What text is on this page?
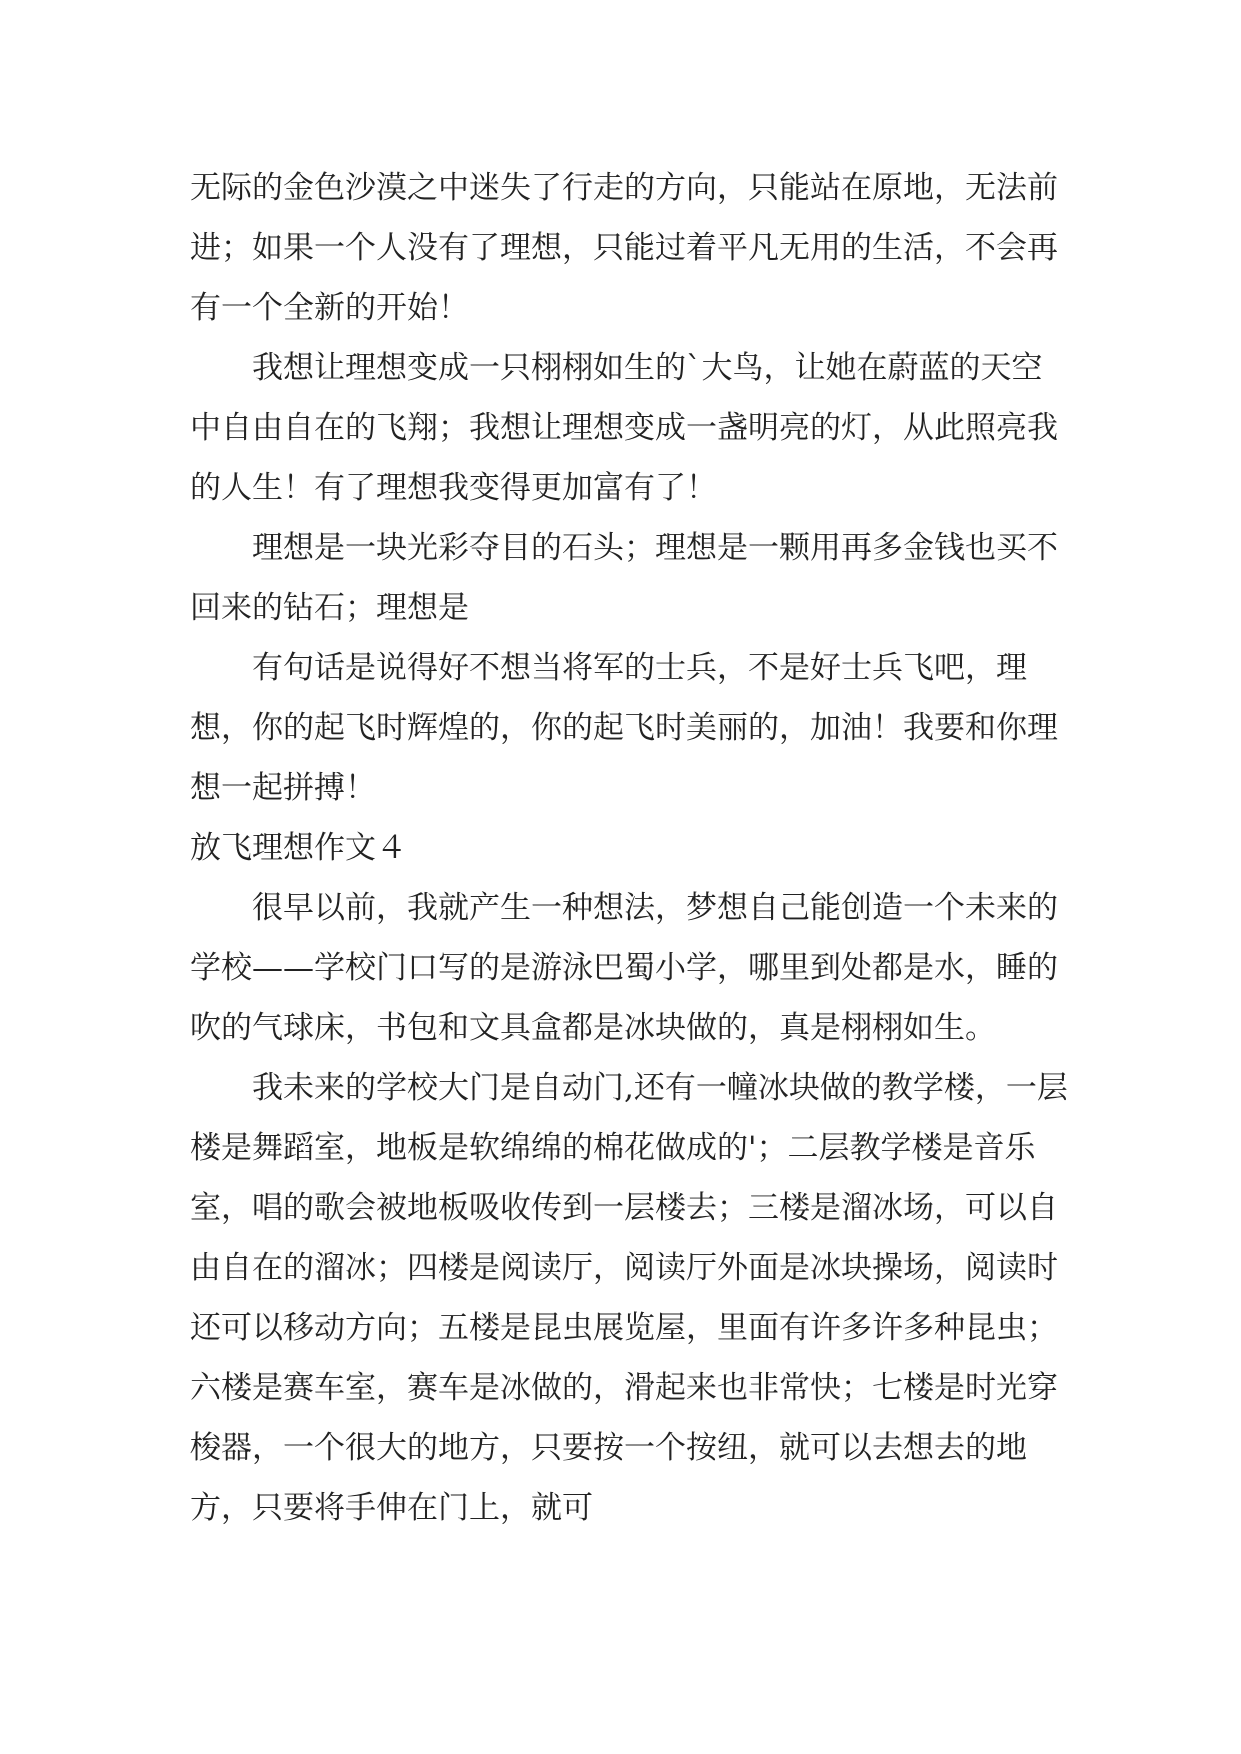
无际的金色沙漠之中迷失了行走的方向，只能站在原地，无法前进；如果一个人没有了理想，只能过着平凡无用的生活，不会再有一个全新的开始！

我想让理想变成一只栩栩如生的`大鸟，让她在蔚蓝的天空中自由自在的飞翔；我想让理想变成一盏明亮的灯，从此照亮我的人生！有了理想我变得更加富有了！

理想是一块光彩夺目的石头；理想是一颗用再多金钱也买不回来的钻石；理想是

有句话是说得好不想当将军的士兵，不是好士兵飞吧，理想，你的起飞时辉煌的，你的起飞时美丽的，加油！我要和你理想一起拼搏！

放飞理想作文４

很早以前，我就产生一种想法，梦想自己能创造一个未来的学校——学校门口写的是游泳巴蜀小学，哪里到处都是水，睡的吹的气球床，书包和文具盒都是冰块做的，真是栩栩如生。

我未来的学校大门是自动门,还有一幢冰块做的教学楼，一层楼是舞蹈室，地板是软绵绵的棉花做成的'；二层教学楼是音乐室，唱的歌会被地板吸收传到一层楼去；三楼是溜冰场，可以自由自在的溜冰；四楼是阅读厅，阅读厅外面是冰块操场，阅读时还可以移动方向；五楼是昆虫展览屋，里面有许多许多种昆虫；六楼是赛车室，赛车是冰做的，滑起来也非常快；七楼是时光穿梭器，一个很大的地方，只要按一个按纽，就可以去想去的地方，只要将手伸在门上，就可
